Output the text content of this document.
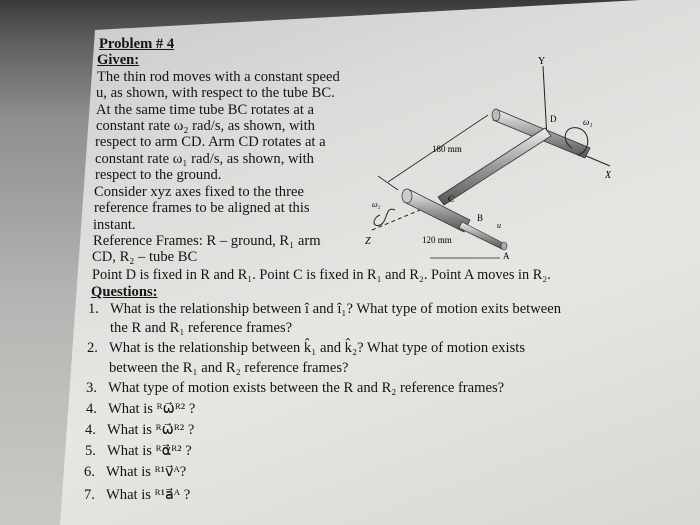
Problem # 4
Given:
The thin rod moves with a constant speed
u, as shown, with respect to the tube BC.
At the same time tube BC rotates at a
constant rate ω₂ rad/s, as shown, with
respect to arm CD. Arm CD rotates at a
constant rate ω₁ rad/s, as shown, with
respect to the ground.
Consider xyz axes fixed to the three
reference frames to be aligned at this
instant.
Reference Frames: R – ground, R₁ arm
CD, R₂ – tube BC
Point D is fixed in R and R₁. Point C is fixed in R₁ and R₂. Point A moves in R₂.
Questions:
1. What is the relationship between î and î₁? What type of motion exits between
the R and R₁ reference frames?
2. What is the relationship between k̂₁ and k̂₂? What type of motion exists
between the R₁ and R₂ reference frames?
3. What type of motion exists between the R and R₂ reference frames?
4. What is ᴿω⃗ᴿ² ?
4. What is ᴿω⃗ᴿ² ?
5. What is ᴿα⃗ᴿ² ?
6. What is ᴿ¹v⃗ᴬ?
Y
X
Z
ω₁
ω₂
180 mm
120 mm
D
C
B
A
u
7. What is ᴿ¹a⃗ᴬ ?
